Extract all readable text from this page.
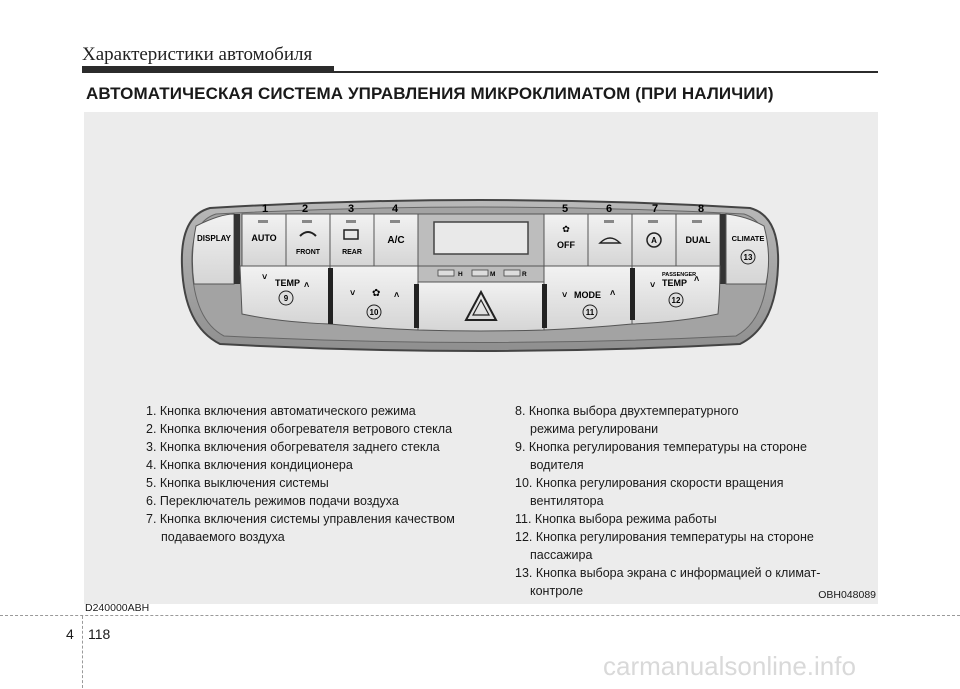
Характеристики автомобиля
АВТОМАТИЧЕСКАЯ СИСТЕМА УПРАВЛЕНИЯ МИКРОКЛИМАТОМ (ПРИ НАЛИЧИИ)
DISPLAY AUTO
FRONT	REAR
A/C
✿
OFF	A	DUAL	CLIMATE
˅
TEMP ˄
˅ ✿ ˄
H	M	R
˅ MODE ˄
PASSENGER
˅ TEMP ˄
1	2	3	4	5	6	7	8
9
10	11
12
13
1. Кнопка включения автоматического режима
2. Кнопка включения обогревателя ветрового стекла
3. Кнопка включения обогревателя заднего стекла
4. Кнопка включения кондиционера
5. Кнопка выключения системы
6. Переключатель режимов подачи воздуха
7. Кнопка включения системы управления качеством
подаваемого воздуха
8. Кнопка выбора двухтемпературного
режима регулировани
9. Кнопка регулирования температуры на стороне
водителя
10. Кнопка регулирования скорости вращения
вентилятора
11. Кнопка выбора режима работы
12. Кнопка регулирования температуры на стороне
пассажира
13. Кнопка выбора экрана с информацией о климат-
контроле	OBH048089
D240000ABH
4 118
carmanualsonline.info
